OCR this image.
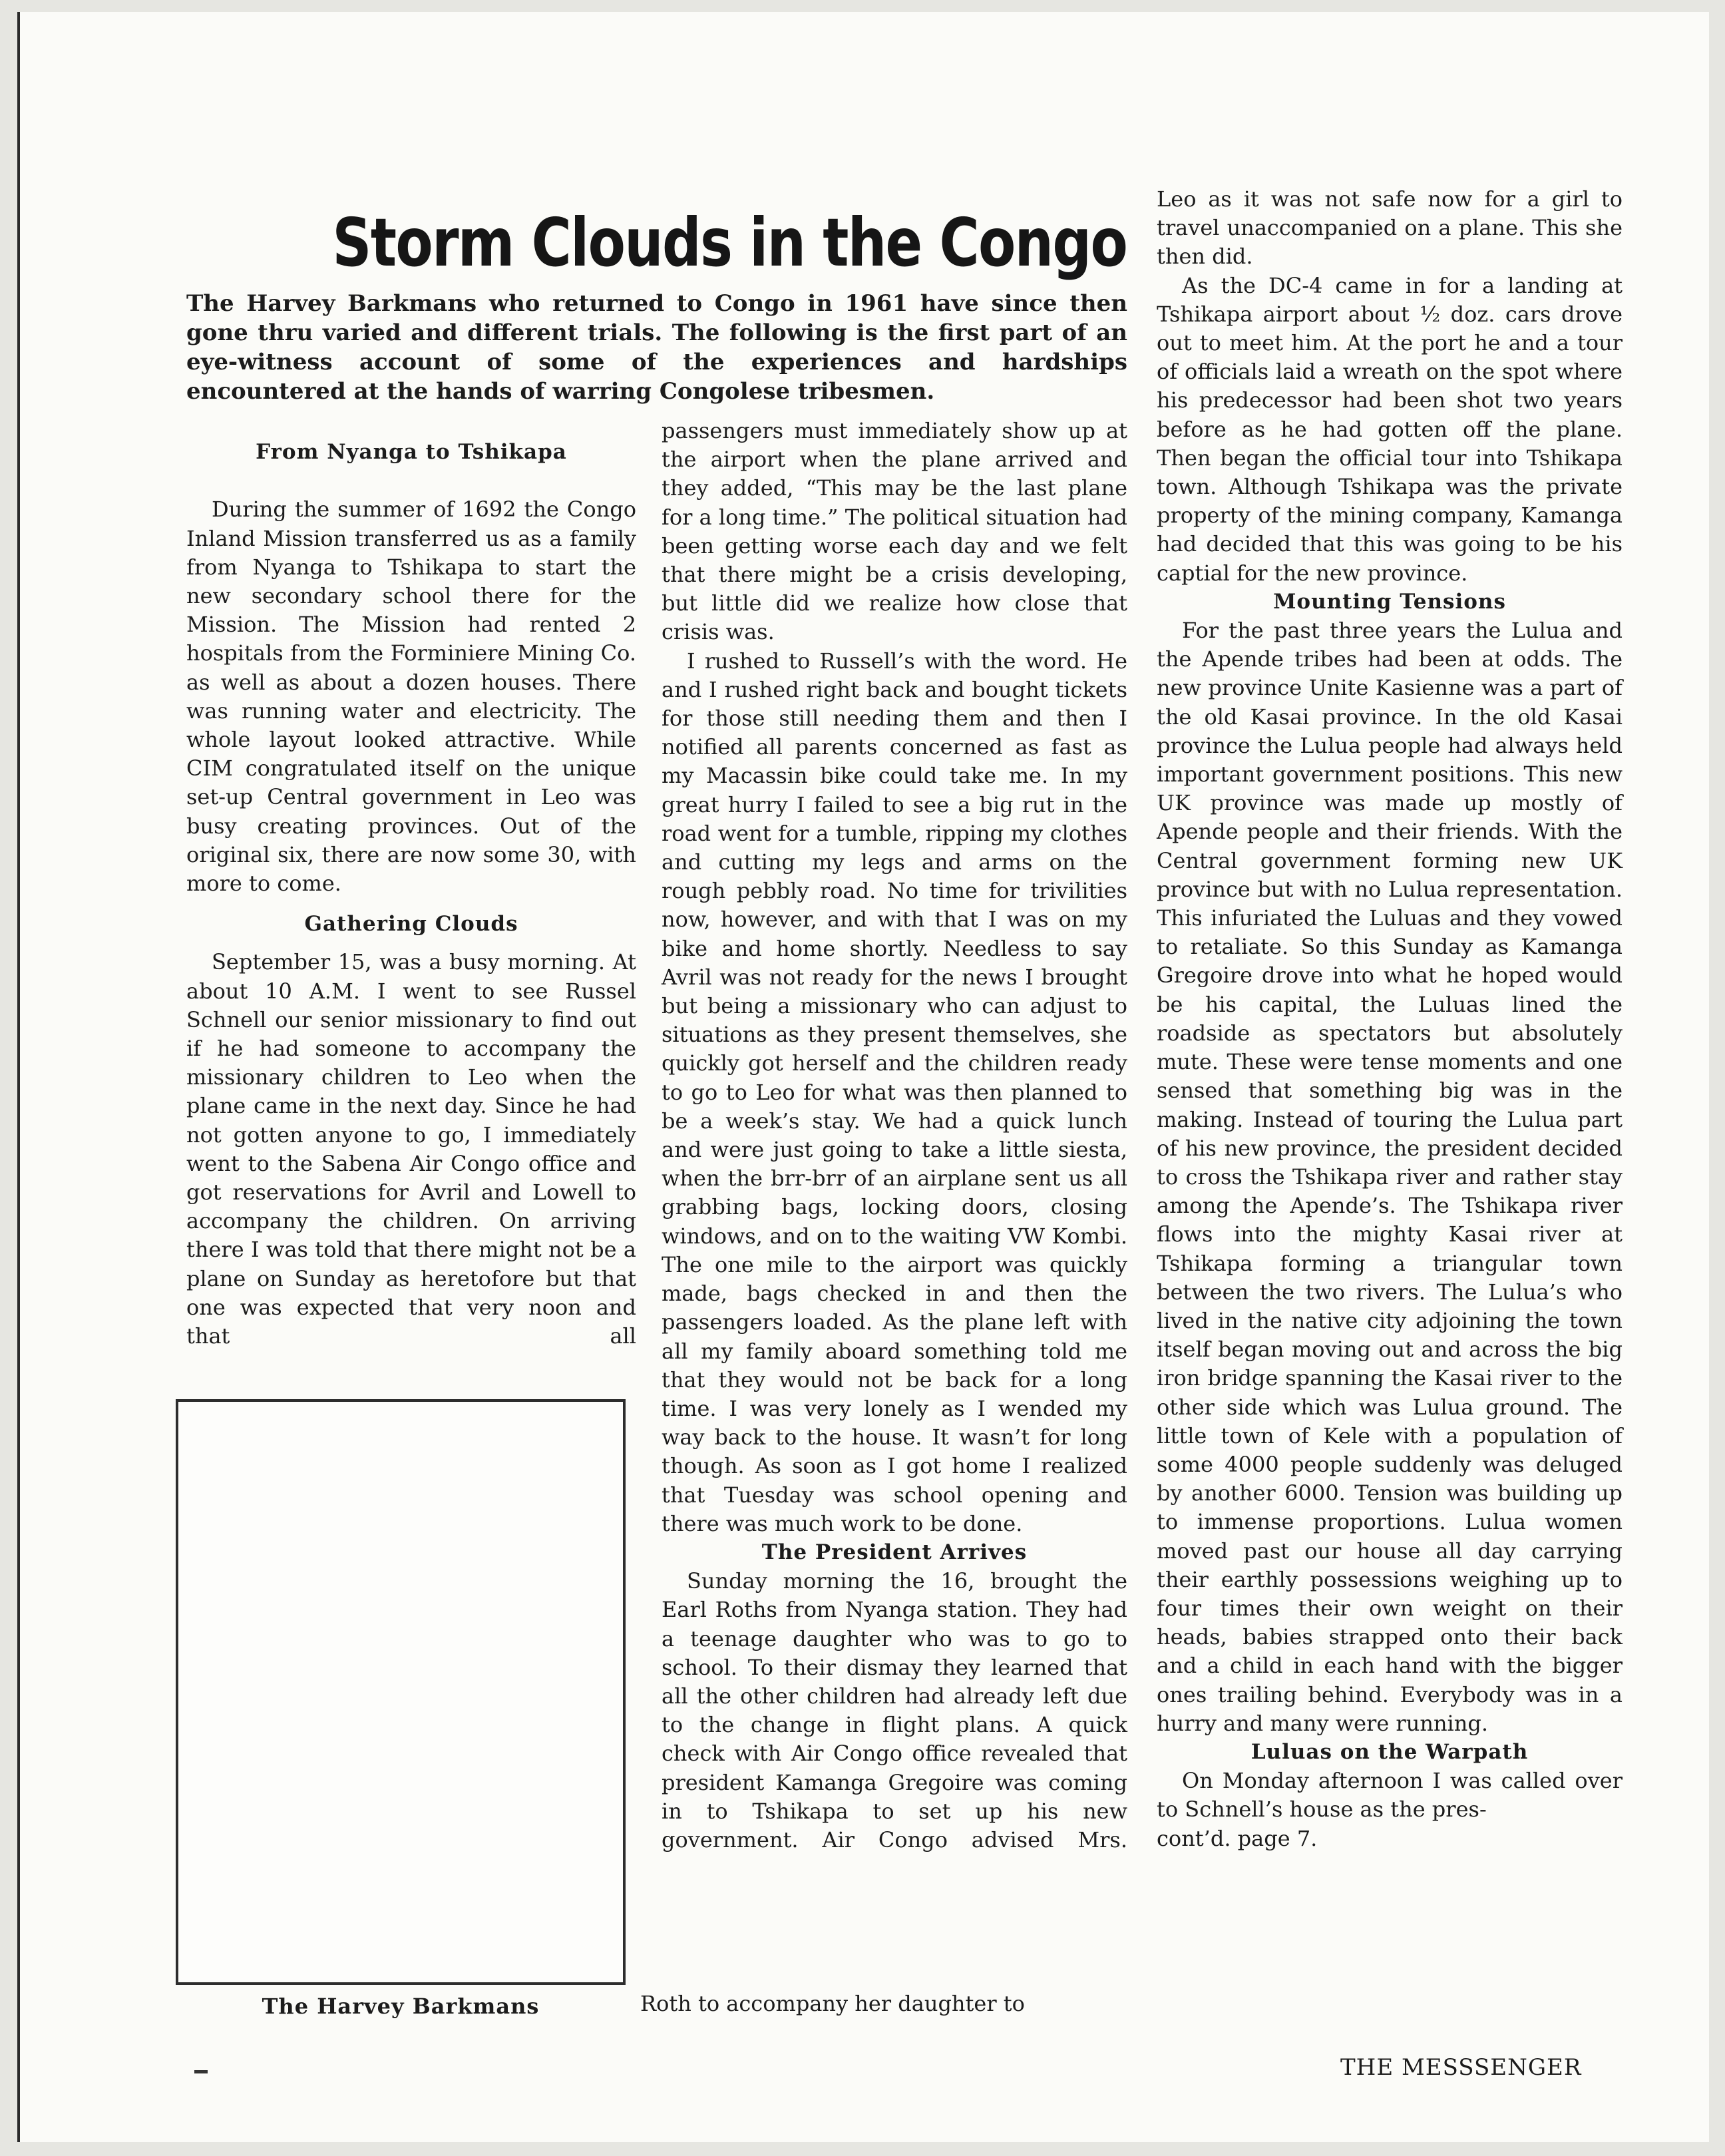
Storm Clouds in the Congo

The Harvey Barkmans who returned to Congo in 1961 have since then gone thru varied and different trials. The following is the first part of an eye-witness account of some of the experiences and hardships encountered at the hands of warring Congolese tribesmen.

From Nyanga to Tshikapa

During the summer of 1692 the Congo Inland Mission transferred us as a family from Nyanga to Tshikapa to start the new secondary school there for the Mission. The Mission had rented 2 hospitals from the Forminiere Mining Co. as well as about a dozen houses. There was running water and electricity. The whole layout looked attractive. While CIM congratulated itself on the unique set-up Central government in Leo was busy creating provinces. Out of the original six, there are now some 30, with more to come.

Gathering Clouds

September 15, was a busy morning. At about 10 A.M. I went to see Russel Schnell our senior missionary to find out if he had someone to accompany the missionary children to Leo when the plane came in the next day. Since he had not gotten anyone to go, I immediately went to the Sabena Air Congo office and got reservations for Avril and Lowell to accompany the children. On arriving there I was told that there might not be a plane on Sunday as heretofore but that one was expected that very noon and that all

The Harvey Barkmans

passengers must immediately show up at the airport when the plane arrived and they added, “This may be the last plane for a long time.” The political situation had been getting worse each day and we felt that there might be a crisis developing, but little did we realize how close that crisis was.

I rushed to Russell’s with the word. He and I rushed right back and bought tickets for those still needing them and then I notified all parents concerned as fast as my Macassin bike could take me. In my great hurry I failed to see a big rut in the road went for a tumble, ripping my clothes and cutting my legs and arms on the rough pebbly road. No time for trivilities now, however, and with that I was on my bike and home shortly. Needless to say Avril was not ready for the news I brought but being a missionary who can adjust to situations as they present themselves, she quickly got herself and the children ready to go to Leo for what was then planned to be a week’s stay. We had a quick lunch and were just going to take a little siesta, when the brr-brr of an airplane sent us all grabbing bags, locking doors, closing windows, and on to the waiting VW Kombi. The one mile to the airport was quickly made, bags checked in and then the passengers loaded. As the plane left with all my family aboard something told me that they would not be back for a long time. I was very lonely as I wended my way back to the house. It wasn’t for long though. As soon as I got home I realized that Tuesday was school opening and there was much work to be done.

The President Arrives

Sunday morning the 16, brought the Earl Roths from Nyanga station. They had a teenage daughter who was to go to school. To their dismay they learned that all the other children had already left due to the change in flight plans. A quick check with Air Congo office revealed that president Kamanga Gregoire was coming in to Tshikapa to set up his new government. Air Congo advised Mrs.

Roth to accompany her daughter to

Leo as it was not safe now for a girl to travel unaccompanied on a plane. This she then did.

As the DC-4 came in for a landing at Tshikapa airport about ½ doz. cars drove out to meet him. At the port he and a tour of officials laid a wreath on the spot where his predecessor had been shot two years before as he had gotten off the plane. Then began the official tour into Tshikapa town. Although Tshikapa was the private property of the mining company, Kamanga had decided that this was going to be his captial for the new province.

Mounting Tensions

For the past three years the Lulua and the Apende tribes had been at odds. The new province Unite Kasienne was a part of the old Kasai province. In the old Kasai province the Lulua people had always held important government positions. This new UK province was made up mostly of Apende people and their friends. With the Central government forming new UK province but with no Lulua representation. This infuriated the Luluas and they vowed to retaliate. So this Sunday as Kamanga Gregoire drove into what he hoped would be his capital, the Luluas lined the roadside as spectators but absolutely mute. These were tense moments and one sensed that something big was in the making. Instead of touring the Lulua part of his new province, the president decided to cross the Tshikapa river and rather stay among the Apende’s. The Tshikapa river flows into the mighty Kasai river at Tshikapa forming a triangular town between the two rivers. The Lulua’s who lived in the native city adjoining the town itself began moving out and across the big iron bridge spanning the Kasai river to the other side which was Lulua ground. The little town of Kele with a population of some 4000 people suddenly was deluged by another 6000. Tension was building up to immense proportions. Lulua women moved past our house all day carrying their earthly possessions weighing up to four times their own weight on their heads, babies strapped onto their back and a child in each hand with the bigger ones trailing behind. Everybody was in a hurry and many were running.

Luluas on the Warpath

On Monday afternoon I was called over to Schnell’s house as the pres-

cont’d. page 7.

THE MESSSENGER
